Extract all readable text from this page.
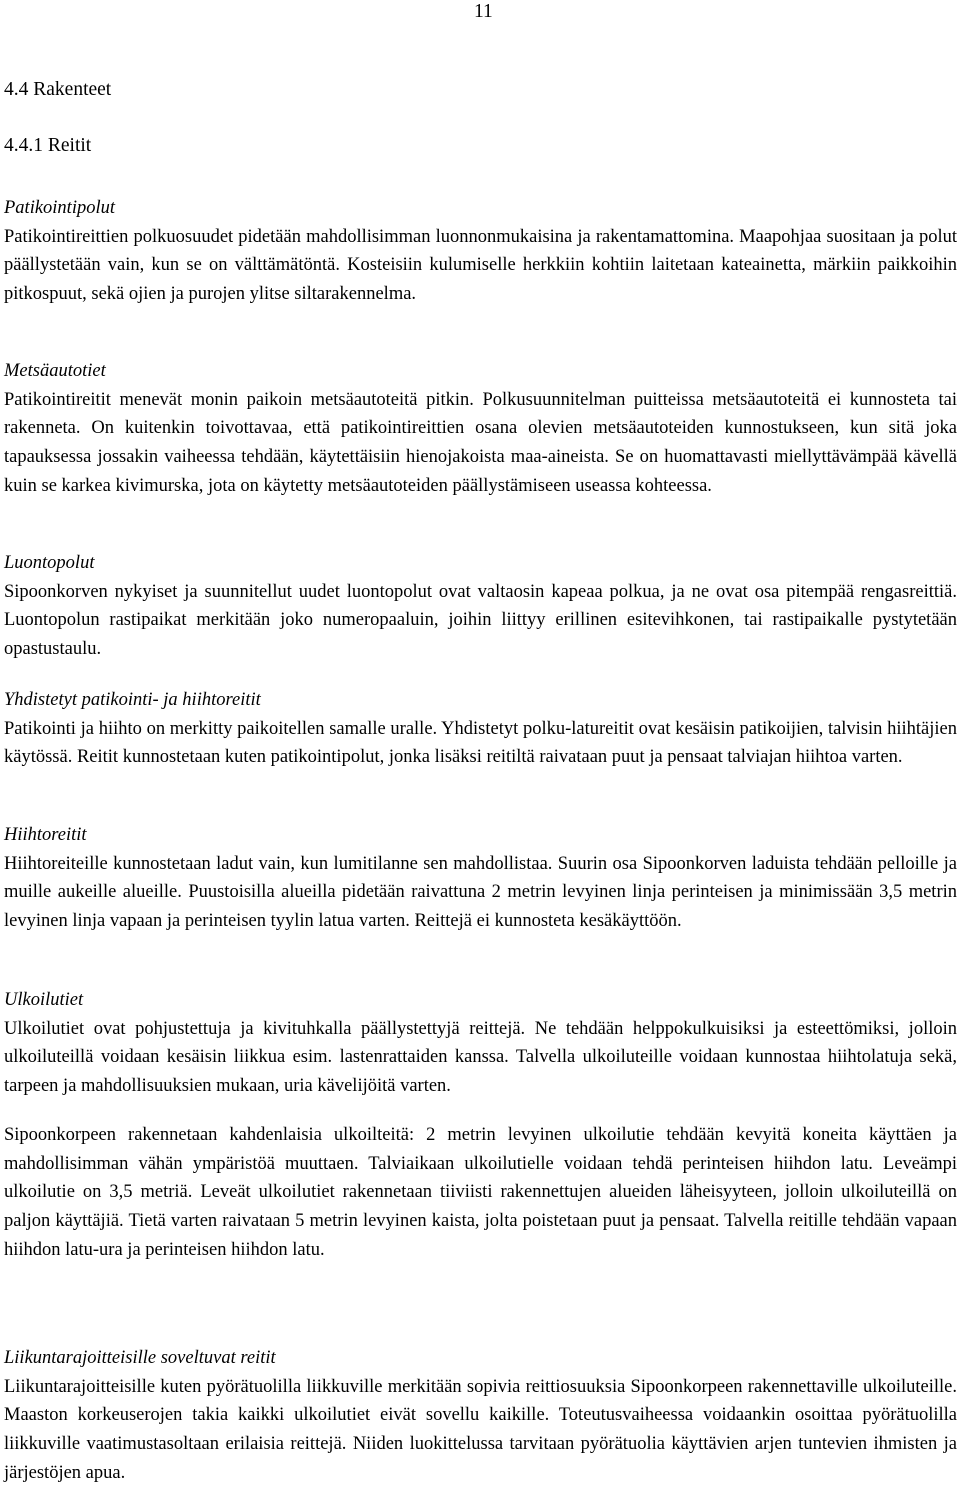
11
4.4 Rakenteet
4.4.1 Reitit

Patikointipolut

Patikointireittien polkuosuudet pidetään mahdollisimman luonnonmukaisina ja rakentamattomina. Maapohjaa suositaan ja polut päällystetään vain, kun se on välttämätöntä. Kosteisiin kulumiselle herkkiin kohtiin laitetaan kateainetta, märkiin paikkoihin pitkospuut, sekä ojien ja purojen ylitse siltarakennelma.

Metsäautotiet

Patikointireitit menevät monin paikoin metsäautoteitä pitkin. Polkusuunnitelman puitteissa metsäautoteitä ei kunnosteta tai rakenneta. On kuitenkin toivottavaa, että patikointireittien osana olevien metsäautoteiden kunnostukseen, kun sitä joka tapauksessa jossakin vaiheessa tehdään, käytettäisiin hienojakoista maa-aineista. Se on huomattavasti miellyttävämpää kävellä kuin se karkea kivimurska, jota on käytetty metsäautoteiden päällystämiseen useassa kohteessa.

Luontopolut

Sipoonkorven nykyiset ja suunnitellut uudet luontopolut ovat valtaosin kapeaa polkua, ja ne ovat osa pitempää rengasreittiä. Luontopolun rastipaikat merkitään joko numeropaaluin, joihin liittyy erillinen esitevihkonen, tai rastipaikalle pystytetään opastustaulu.

Yhdistetyt patikointi- ja hiihtoreitit

Patikointi ja hiihto on merkitty paikoitellen samalle uralle. Yhdistetyt polku-latureitit ovat kesäisin patikoijien, talvisin hiihtäjien käytössä. Reitit kunnostetaan kuten patikointipolut, jonka lisäksi reitiltä raivataan puut ja pensaat talviajan hiihtoa varten.

Hiihtoreitit

Hiihtoreiteille kunnostetaan ladut vain, kun lumitilanne sen mahdollistaa. Suurin osa Sipoonkorven laduista tehdään pelloille ja muille aukeille alueille. Puustoisilla alueilla pidetään raivattuna 2 metrin levyinen linja perinteisen ja minimissään 3,5 metrin levyinen linja vapaan ja perinteisen tyylin latua varten. Reittejä ei kunnosteta kesäkäyttöön.

Ulkoilutiet

Ulkoilutiet ovat pohjustettuja ja kivituhkalla päällystettyjä reittejä. Ne tehdään helppokulkuisiksi ja esteettömiksi, jolloin ulkoiluteillä voidaan kesäisin liikkua esim. lastenrattaiden kanssa. Talvella ulkoiluteille voidaan kunnostaa hiihtolatuja sekä, tarpeen ja mahdollisuuksien mukaan, uria kävelijöitä varten.

Sipoonkorpeen rakennetaan kahdenlaisia ulkoilteitä: 2 metrin levyinen ulkoilutie tehdään kevyitä koneita käyttäen ja mahdollisimman vähän ympäristöä muuttaen. Talviaikaan ulkoilutielle voidaan tehdä perinteisen hiihdon latu. Leveämpi ulkoilutie on 3,5 metriä. Leveät ulkoilutiet rakennetaan tiiviisti rakennettujen alueiden läheisyyteen, jolloin ulkoiluteillä on paljon käyttäjiä. Tietä varten raivataan 5 metrin levyinen kaista, jolta poistetaan puut ja pensaat. Talvella reitille tehdään vapaan hiihdon latu-ura ja perinteisen hiihdon latu.

Liikuntarajoitteisille soveltuvat reitit

Liikuntarajoitteisille kuten pyörätuolilla liikkuville merkitään sopivia reittiosuuksia Sipoonkorpeen rakennettaville ulkoiluteille. Maaston korkeuserojen takia kaikki ulkoilutiet eivät sovellu kaikille. Toteutusvaiheessa voidaankin osoittaa pyörätuolilla liikkuville vaatimustasoltaan erilaisia reittejä. Niiden luokittelussa tarvitaan pyörätuolia käyttävien arjen tuntevien ihmisten ja järjestöjen apua.
